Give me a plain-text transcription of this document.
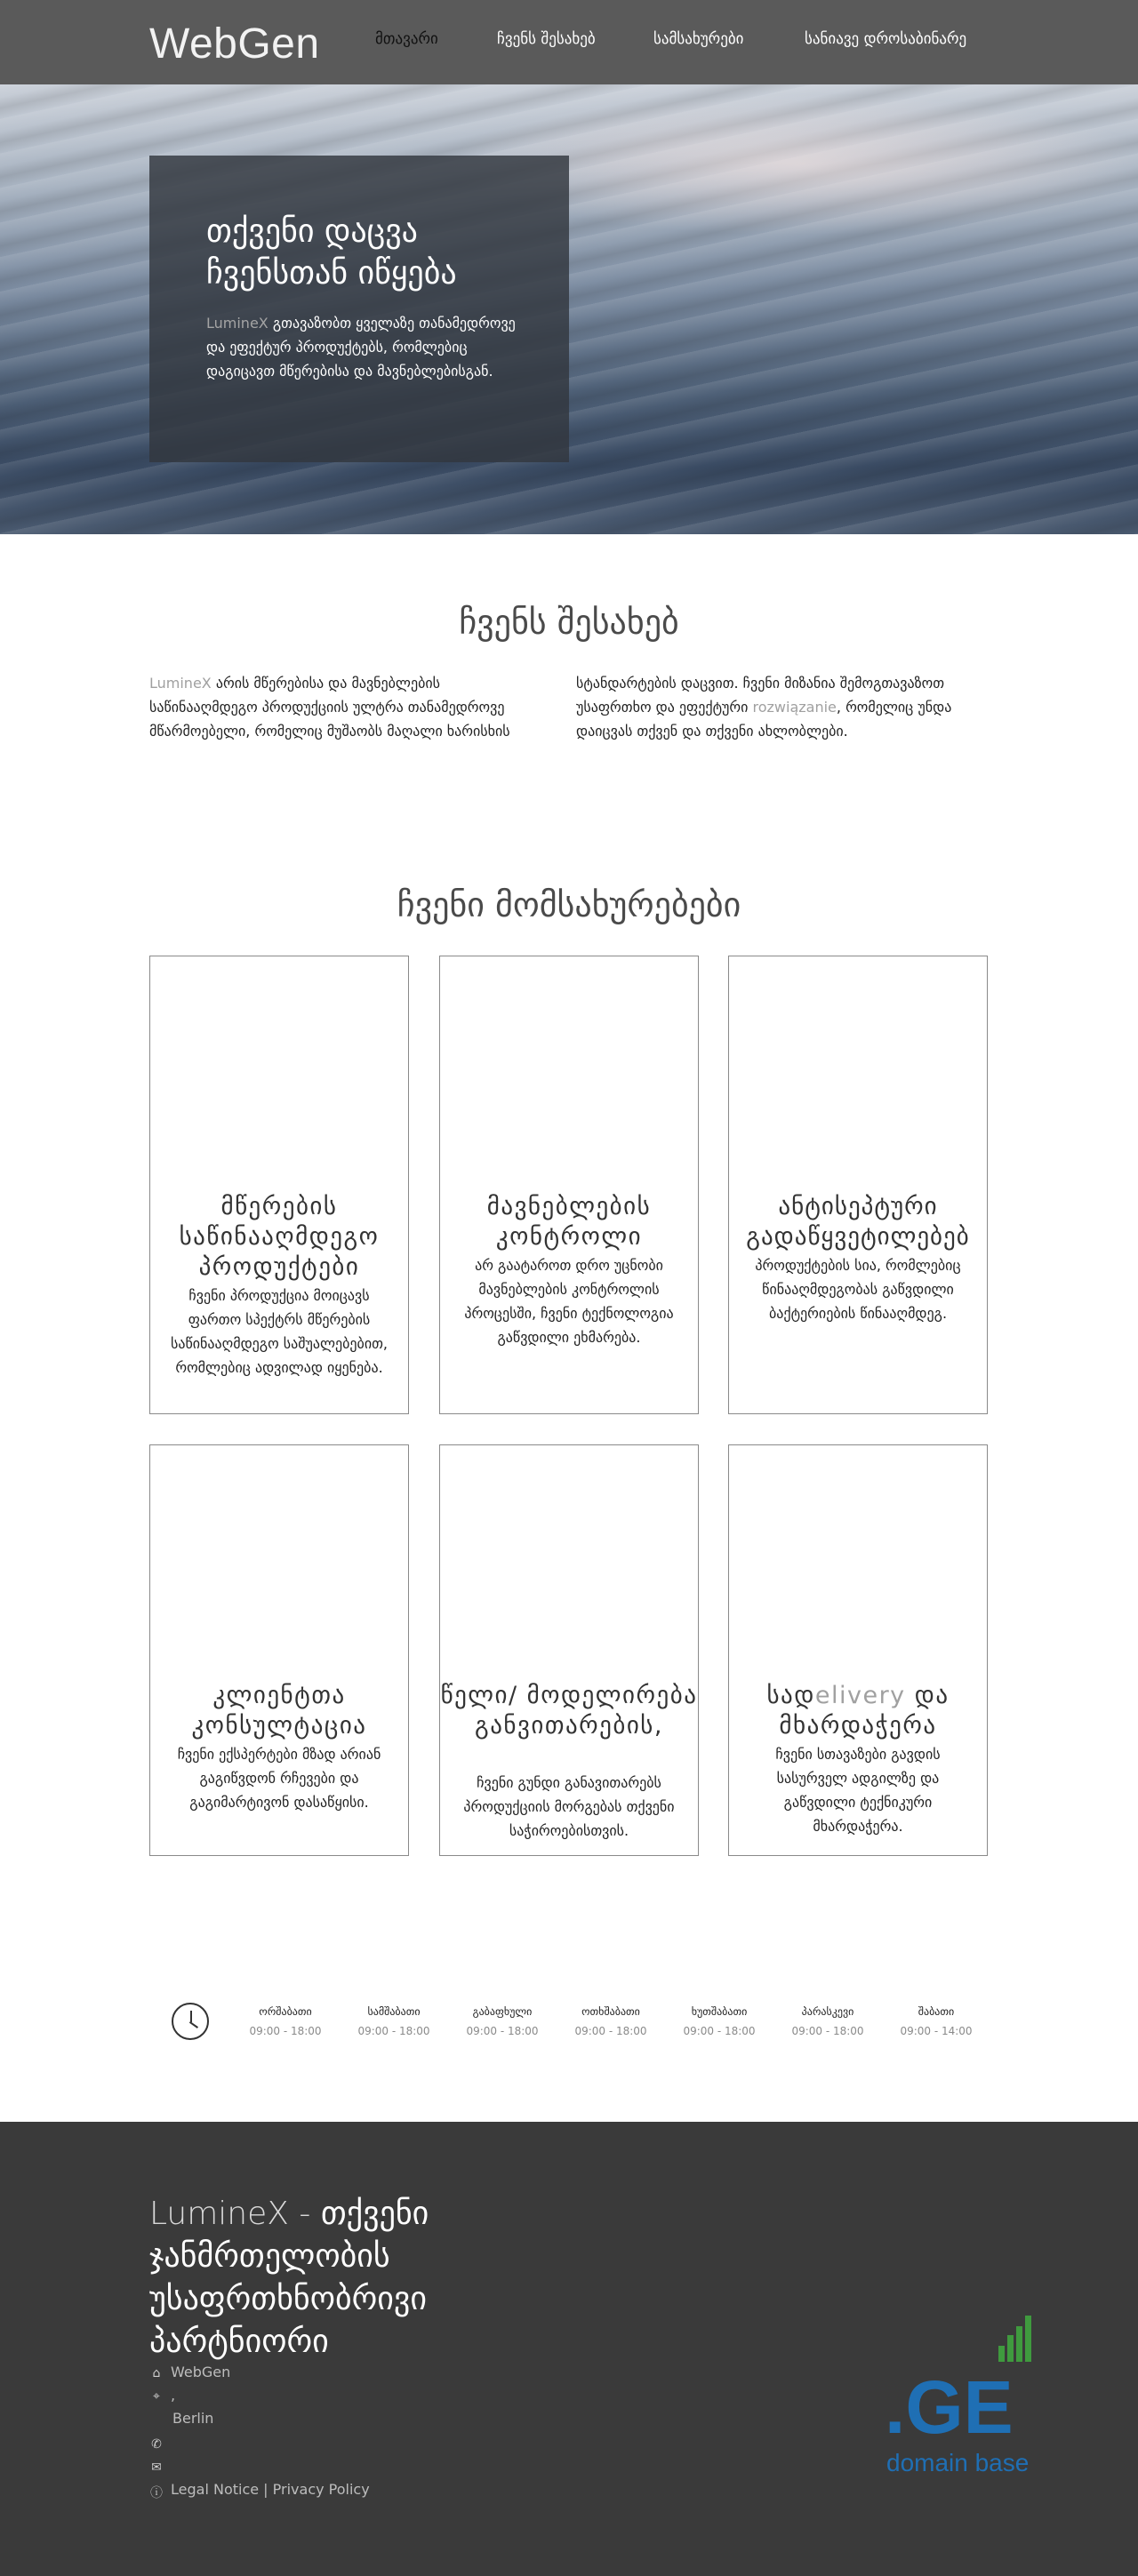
WebGen	მთავარი	ჩვენს შესახებ	სამსახურები	სანიავე დროსაბინარე
თქვენი დაცვა ჩვენსთან იწყება

LumineX გთავაზობთ ყველაზე თანამედროვე და ეფექტურ პროდუქტებს, რომლებიც დაგიცავთ მწერებისა და მავნებლებისგან.

ჩვენს შესახებ

LumineX არის მწერებისა და მავნებლების საწინააღმდეგო პროდუქციის ულტრა თანამედროვე მწარმოებელი, რომელიც მუშაობს მაღალი ხარისხის

სტანდარტების დაცვით. ჩვენი მიზანია შემოგთავაზოთ უსაფრთხო და ეფექტური rozwiązanie, რომელიც უნდა დაიცვას თქვენ და თქვენი ახლობლები.

ჩვენი მომსახურებები
მწერების საწინააღმდეგო პროდუქტები
ჩვენი პროდუქცია მოიცავს ფართო სპექტრს მწერების საწინააღმდეგო საშუალებებით, რომლებიც ადვილად იყენება.
მავნებლების კონტროლი
არ გაატაროთ დრო უცნობი მავნებლების კონტროლის პროცესში, ჩვენი ტექნოლოგია გაწვდილი ეხმარება.
ანტისეპტური გადაწყვეტილებებ
პროდუქტების სია, რომლებიც წინააღმდეგობას გაწვდილი ბაქტერიების წინააღმდეგ.
კლიენტთა კონსულტაცია
ჩვენი ექსპერტები მზად არიან გაგიწვდონ რჩევები და გაგიმარტივონ დასაწყისი.
წელი/ მოდელირება განვითარების,
ჩვენი გუნდი განავითარებს პროდუქციის მორგებას თქვენი საჭიროებისთვის.
სადelivery და მხარდაჭერა
ჩვენი სთავაზები გავდის სასურველ ადგილზე და გაწვდილი ტექნიკური მხარდაჭერა.
ორშაბათი
09:00 - 18:00
სამშაბათი
09:00 - 18:00
გაბაფხული
09:00 - 18:00
ოთხშაბათი
09:00 - 18:00
ხუთშაბათი
09:00 - 18:00
პარასკევი
09:00 - 18:00
შაბათი
09:00 - 14:00
LumineX - თქვენი ჯანმრთელობის უსაფრთხნობრივი პარტნიორი
⌂ WebGen
⌖ ,
Berlin
✆
✉
ⓘ Legal Notice | Privacy Policy
.GE
domain base
